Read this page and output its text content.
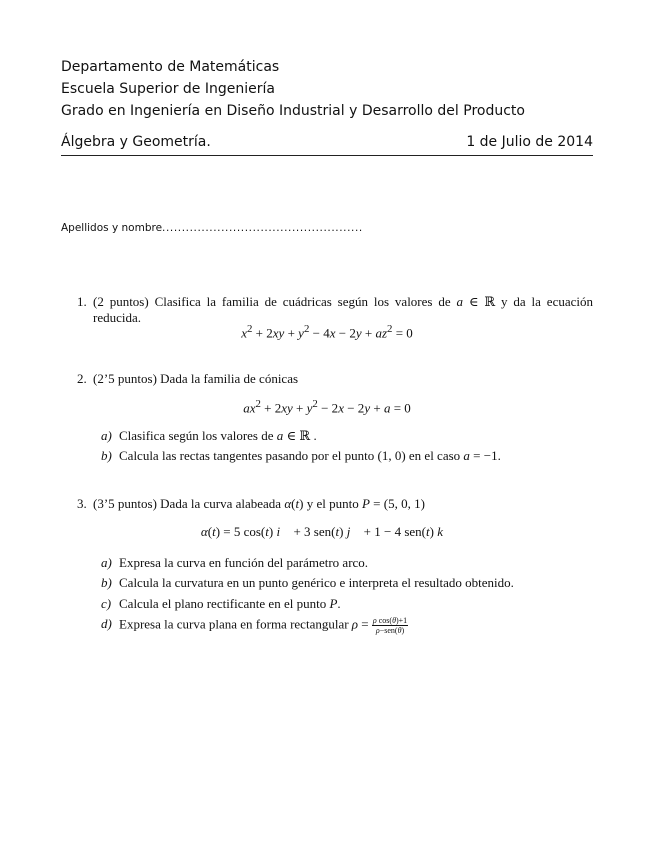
Departamento de Matemáticas
Escuela Superior de Ingeniería
Grado en Ingeniería en Diseño Industrial y Desarrollo del Producto
Álgebra y Geometría.	1 de Julio de 2014
Apellidos y nombre...................................................
1. (2 puntos) Clasifica la familia de cuádricas según los valores de a ∈ ℝ y da la ecuación reducida.
$x^2 + 2xy + y^2 - 4x - 2y + az^2 = 0$
2. (2’5 puntos) Dada la familia de cónicas
$ax^2 + 2xy + y^2 - 2x - 2y + a = 0$
a) Clasifica según los valores de a ∈ ℝ .
b) Calcula las rectas tangentes pasando por el punto (1, 0) en el caso a = −1.
3. (3’5 puntos) Dada la curva alabeada α(t) y el punto P = (5, 0, 1)
α(t) = 5 cos(t) i⃗ + 3 sen(t) j⃗ + 1 − 4 sen(t) k⃗
a) Expresa la curva en función del parámetro arco.
b) Calcula la curvatura en un punto genérico e interpreta el resultado obtenido.
c) Calcula el plano rectificante en el punto P.
d) Expresa la curva plana en forma rectangular $\rho = \frac{\text{ρ cos(θ)+1}}{\text{ρ−sen(θ)}}$
